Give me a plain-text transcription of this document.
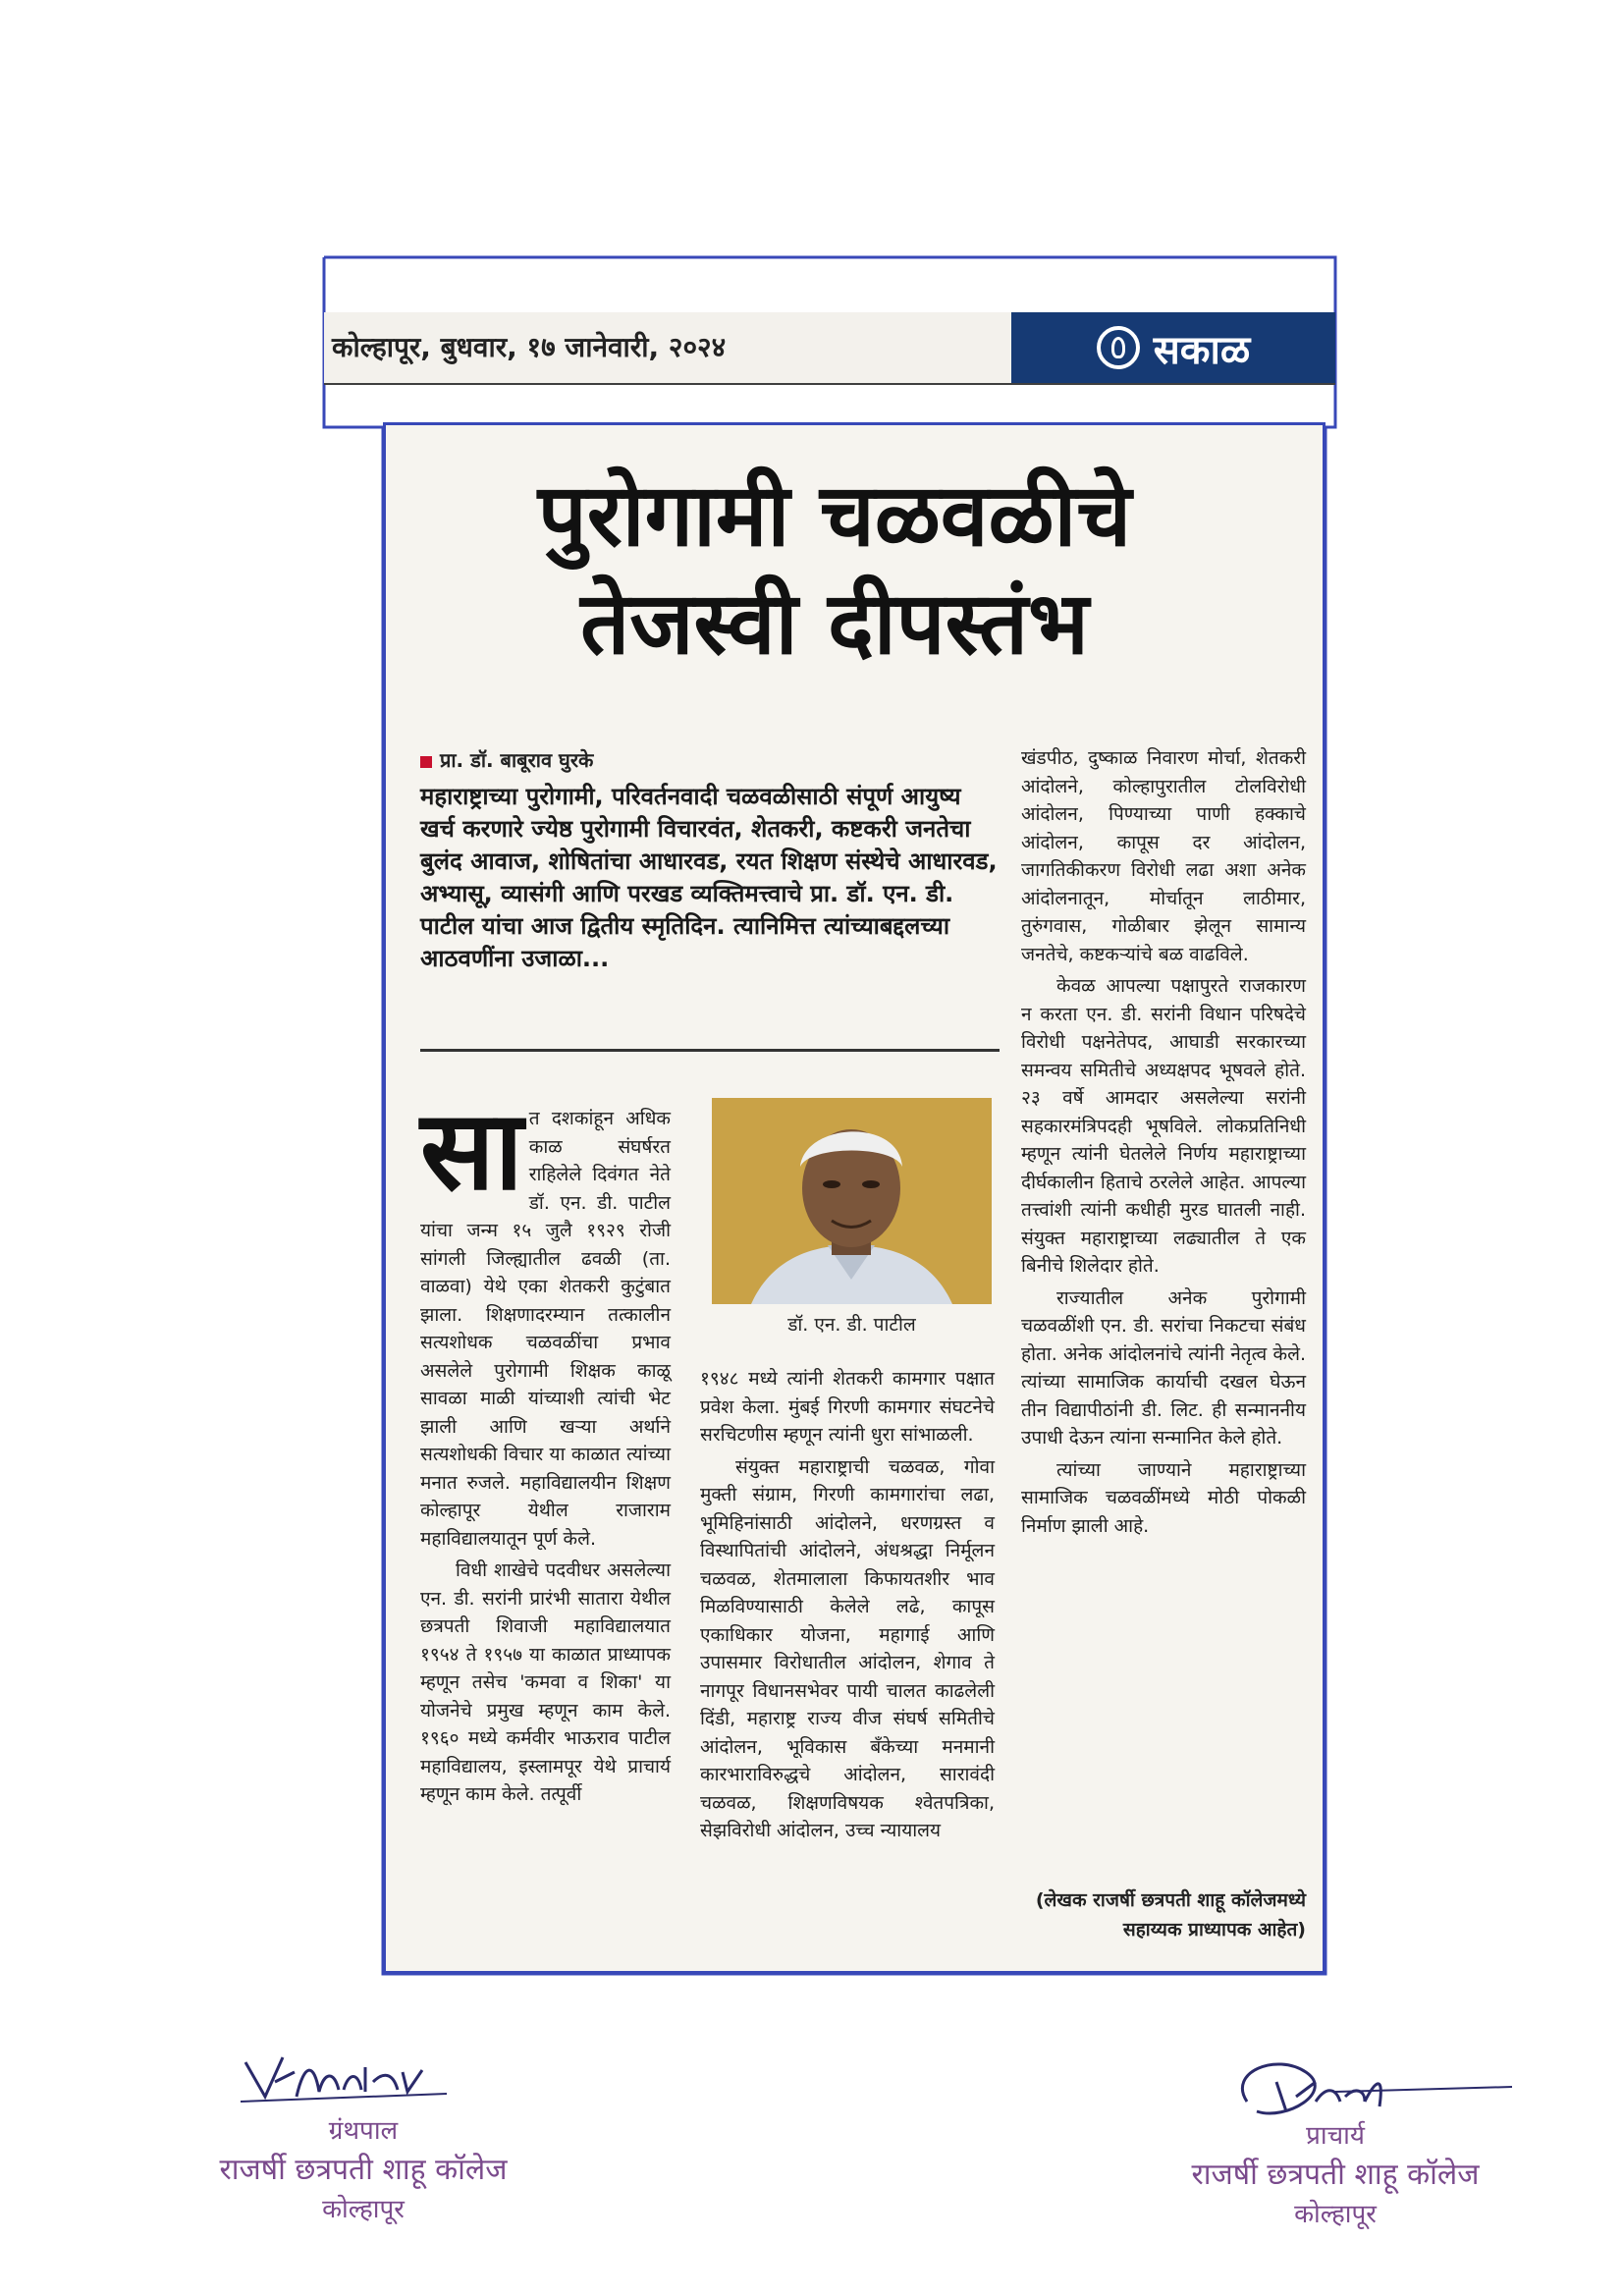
कोल्हापूर, बुधवार, १७ जानेवारी, २०२४	सकाळ
पुरोगामी चळवळीचे
तेजस्वी दीपस्तंभ
प्रा. डॉ. बाबूराव घुरके
महाराष्ट्राच्या पुरोगामी, परिवर्तनवादी चळवळीसाठी संपूर्ण आयुष्य खर्च करणारे ज्येष्ठ पुरोगामी विचारवंत, शेतकरी, कष्टकरी जनतेचा बुलंद आवाज, शोषितांचा आधारवड, रयत शिक्षण संस्थेचे आधारवड, अभ्यासू, व्यासंगी आणि परखड व्यक्तिमत्त्वाचे प्रा. डॉ. एन. डी. पाटील यांचा आज द्वितीय स्मृतिदिन. त्यानिमित्त त्यांच्याबद्दलच्या आठवणींना उजाळा...

सात दशकांहून अधिक काळ संघर्षरत राहिलेले दिवंगत नेते डॉ. एन. डी. पाटील यांचा जन्म १५ जुलै १९२९ रोजी सांगली जिल्ह्यातील ढवळी (ता. वाळवा) येथे एका शेतकरी कुटुंबात झाला. शिक्षणादरम्यान तत्कालीन सत्यशोधक चळवळींचा प्रभाव असलेले पुरोगामी शिक्षक काळू सावळा माळी यांच्याशी त्यांची भेट झाली आणि खऱ्या अर्थाने सत्यशोधकी विचार या काळात त्यांच्या मनात रुजले. महाविद्यालयीन शिक्षण कोल्हापूर येथील राजाराम महाविद्यालयातून पूर्ण केले.

विधी शाखेचे पदवीधर असलेल्या एन. डी. सरांनी प्रारंभी सातारा येथील छत्रपती शिवाजी महाविद्यालयात १९५४ ते १९५७ या काळात प्राध्यापक म्हणून तसेच 'कमवा व शिका' या योजनेचे प्रमुख म्हणून काम केले. १९६० मध्ये कर्मवीर भाऊराव पाटील महाविद्यालय, इस्लामपूर येथे प्राचार्य म्हणून काम केले. तत्पूर्वी

डॉ. एन. डी. पाटील

१९४८ मध्ये त्यांनी शेतकरी कामगार पक्षात प्रवेश केला. मुंबई गिरणी कामगार संघटनेचे सरचिटणीस म्हणून त्यांनी धुरा सांभाळली.

संयुक्त महाराष्ट्राची चळवळ, गोवा मुक्ती संग्राम, गिरणी कामगारांचा लढा, भूमिहिनांसाठी आंदोलने, धरणग्रस्त व विस्थापितांची आंदोलने, अंधश्रद्धा निर्मूलन चळवळ, शेतमालाला किफायतशीर भाव मिळविण्यासाठी केलेले लढे, कापूस एकाधिकार योजना, महागाई आणि उपासमार विरोधातील आंदोलन, शेगाव ते नागपूर विधानसभेवर पायी चालत काढलेली दिंडी, महाराष्ट्र राज्य वीज संघर्ष समितीचे आंदोलन, भूविकास बँकेच्या मनमानी कारभाराविरुद्धचे आंदोलन, सारावंदी चळवळ, शिक्षणविषयक श्वेतपत्रिका, सेझविरोधी आंदोलन, उच्च न्यायालय

खंडपीठ, दुष्काळ निवारण मोर्चा, शेतकरी आंदोलने, कोल्हापुरातील टोलविरोधी आंदोलन, पिण्याच्या पाणी हक्काचे आंदोलन, कापूस दर आंदोलन, जागतिकीकरण विरोधी लढा अशा अनेक आंदोलनातून, मोर्चातून लाठीमार, तुरुंगवास, गोळीबार झेलून सामान्य जनतेचे, कष्टकऱ्यांचे बळ वाढविले.

केवळ आपल्या पक्षापुरते राजकारण न करता एन. डी. सरांनी विधान परिषदेचे विरोधी पक्षनेतेपद, आघाडी सरकारच्या समन्वय समितीचे अध्यक्षपद भूषवले होते. २३ वर्षे आमदार असलेल्या सरांनी सहकारमंत्रिपदही भूषविले. लोकप्रतिनिधी म्हणून त्यांनी घेतलेले निर्णय महाराष्ट्राच्या दीर्घकालीन हिताचे ठरलेले आहेत. आपल्या तत्त्वांशी त्यांनी कधीही मुरड घातली नाही. संयुक्त महाराष्ट्राच्या लढ्यातील ते एक बिनीचे शिलेदार होते.

राज्यातील अनेक पुरोगामी चळवळींशी एन. डी. सरांचा निकटचा संबंध होता. अनेक आंदोलनांचे त्यांनी नेतृत्व केले. त्यांच्या सामाजिक कार्याची दखल घेऊन तीन विद्यापीठांनी डी. लिट. ही सन्माननीय उपाधी देऊन त्यांना सन्मानित केले होते.

त्यांच्या जाण्याने महाराष्ट्राच्या सामाजिक चळवळींमध्ये मोठी पोकळी निर्माण झाली आहे.

(लेखक राजर्षी छत्रपती शाहू कॉलेजमध्ये सहाय्यक प्राध्यापक आहेत)
ग्रंथपाल
राजर्षी छत्रपती शाहू कॉलेज
कोल्हापूर
प्राचार्य
राजर्षी छत्रपती शाहू कॉलेज
कोल्हापूर
